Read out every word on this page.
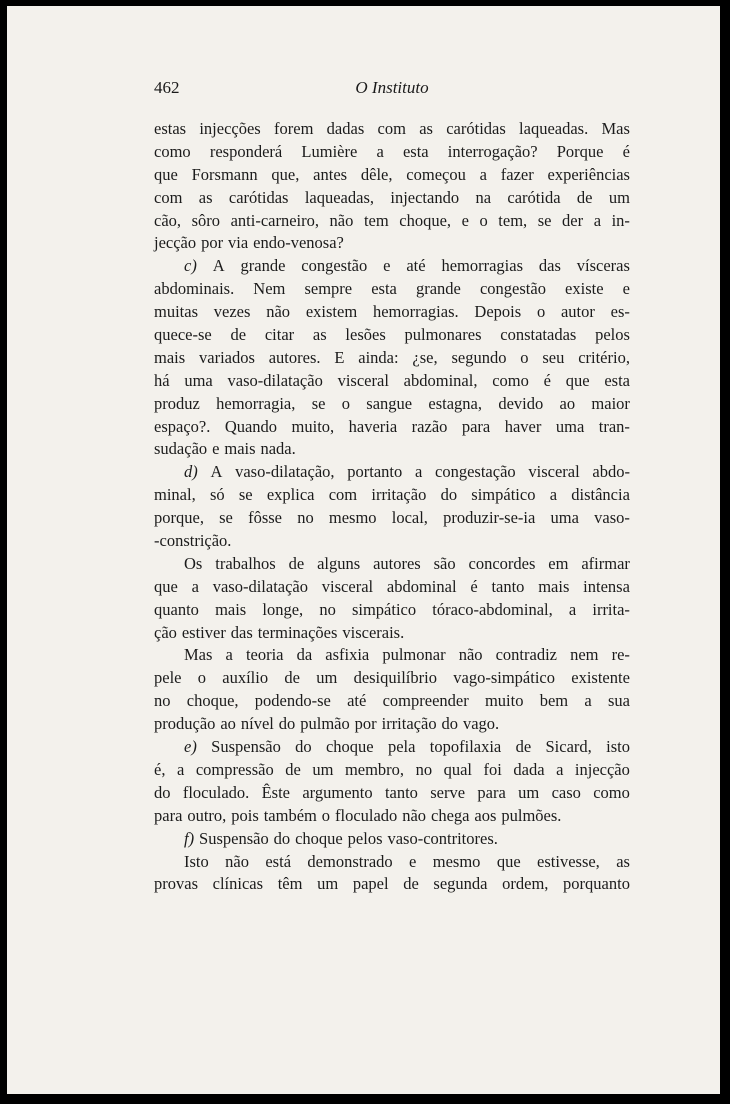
462	O Instituto
estas injecções forem dadas com as carótidas laqueadas. Mas
como responderá Lumière a esta interrogação? Porque é
que Forsmann que, antes dêle, começou a fazer experiências
com as carótidas laqueadas, injectando na carótida de um
cão, sôro anti-carneiro, não tem choque, e o tem, se der a in-
jecção por via endo-venosa?
c) A grande congestão e até hemorragias das vísceras
abdominais. Nem sempre esta grande congestão existe e
muitas vezes não existem hemorragias. Depois o autor es-
quece-se de citar as lesões pulmonares constatadas pelos
mais variados autores. E ainda: ¿se, segundo o seu critério,
há uma vaso-dilatação visceral abdominal, como é que esta
produz hemorragia, se o sangue estagna, devido ao maior
espaço?. Quando muito, haveria razão para haver uma tran-
sudação e mais nada.
d) A vaso-dilatação, portanto a congestação visceral abdo-
minal, só se explica com irritação do simpático a distância
porque, se fôsse no mesmo local, produzir-se-ia uma vaso-
-constrição.
Os trabalhos de alguns autores são concordes em afirmar
que a vaso-dilatação visceral abdominal é tanto mais intensa
quanto mais longe, no simpático tóraco-abdominal, a irrita-
ção estiver das terminações viscerais.
Mas a teoria da asfixia pulmonar não contradiz nem re-
pele o auxílio de um desiquilíbrio vago-simpático existente
no choque, podendo-se até compreender muito bem a sua
produção ao nível do pulmão por irritação do vago.
e) Suspensão do choque pela topofilaxia de Sicard, isto
é, a compressão de um membro, no qual foi dada a injecção
do floculado. Êste argumento tanto serve para um caso como
para outro, pois também o floculado não chega aos pulmões.
f) Suspensão do choque pelos vaso-contritores.
Isto não está demonstrado e mesmo que estivesse, as
provas clínicas têm um papel de segunda ordem, porquanto
